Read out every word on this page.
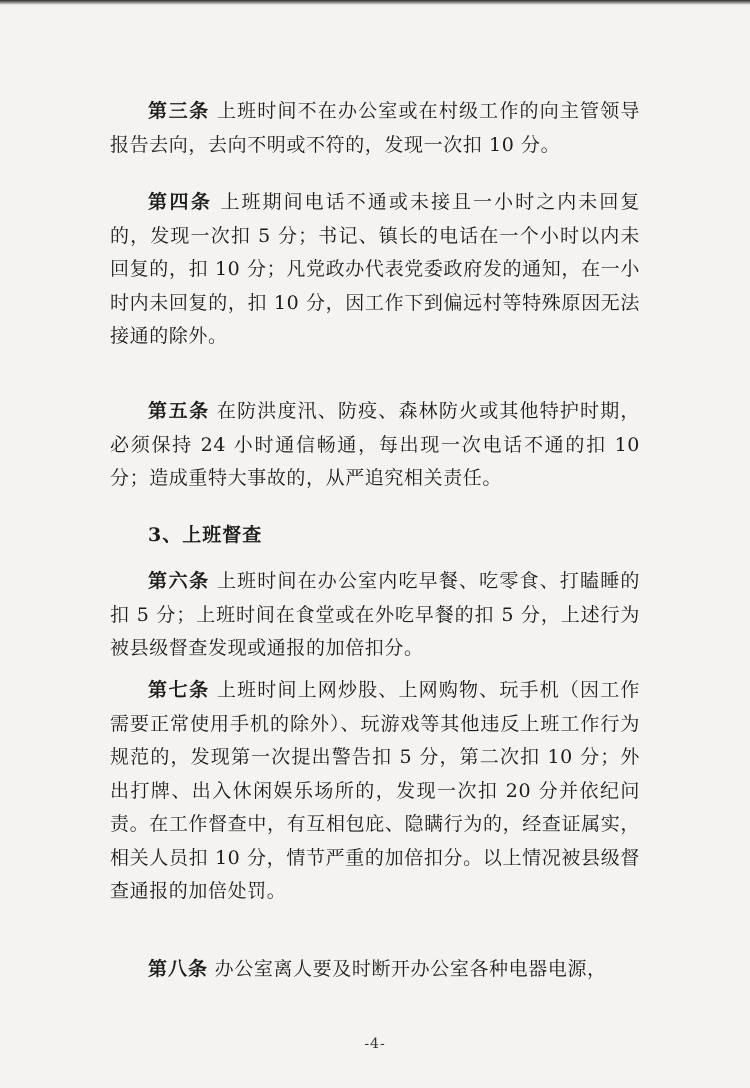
第三条 上班时间不在办公室或在村级工作的向主管领导报告去向，去向不明或不符的，发现一次扣 10 分。

第四条 上班期间电话不通或未接且一小时之内未回复的，发现一次扣 5 分；书记、镇长的电话在一个小时以内未回复的，扣 10 分；凡党政办代表党委政府发的通知，在一小时内未回复的，扣 10 分，因工作下到偏远村等特殊原因无法接通的除外。

第五条 在防洪度汛、防疫、森林防火或其他特护时期，必须保持 24 小时通信畅通，每出现一次电话不通的扣 10 分；造成重特大事故的，从严追究相关责任。

3、上班督查

第六条 上班时间在办公室内吃早餐、吃零食、打瞌睡的扣 5 分；上班时间在食堂或在外吃早餐的扣 5 分，上述行为被县级督查发现或通报的加倍扣分。

第七条 上班时间上网炒股、上网购物、玩手机（因工作需要正常使用手机的除外）、玩游戏等其他违反上班工作行为规范的，发现第一次提出警告扣 5 分，第二次扣 10 分；外出打牌、出入休闲娱乐场所的，发现一次扣 20 分并依纪问责。在工作督查中，有互相包庇、隐瞒行为的，经查证属实，相关人员扣 10 分，情节严重的加倍扣分。以上情况被县级督查通报的加倍处罚。

第八条 办公室离人要及时断开办公室各种电器电源，

-4-
